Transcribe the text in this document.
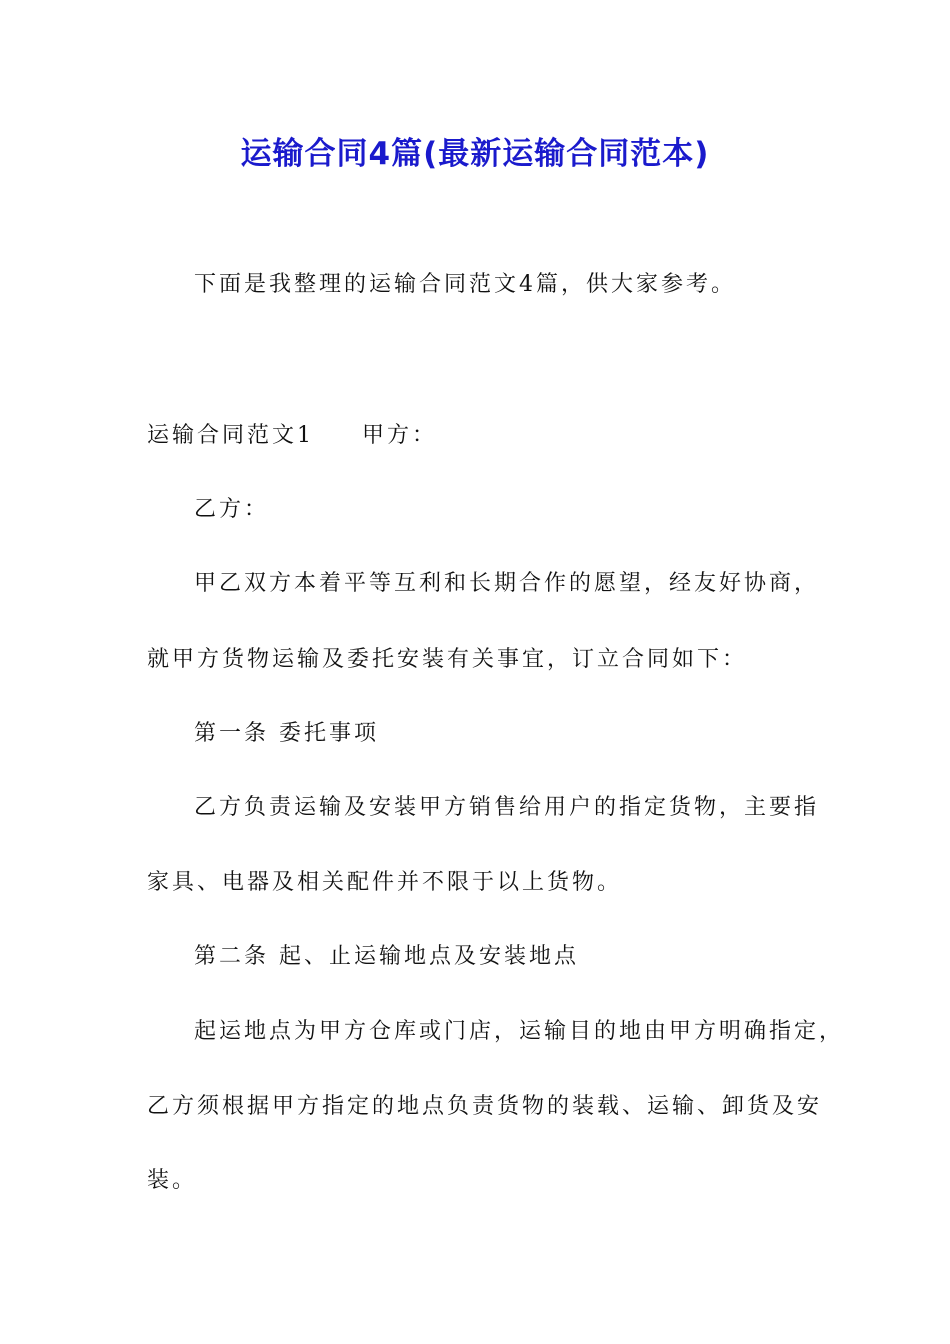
运输合同4篇(最新运输合同范本)
下面是我整理的运输合同范文4篇，供大家参考。
运输合同范文1 甲方：
乙方：
甲乙双方本着平等互利和长期合作的愿望，经友好协商，
就甲方货物运输及委托安装有关事宜，订立合同如下：
第一条 委托事项
乙方负责运输及安装甲方销售给用户的指定货物，主要指
家具、电器及相关配件并不限于以上货物。
第二条 起、止运输地点及安装地点
起运地点为甲方仓库或门店，运输目的地由甲方明确指定，
乙方须根据甲方指定的地点负责货物的装载、运输、卸货及安
装。
